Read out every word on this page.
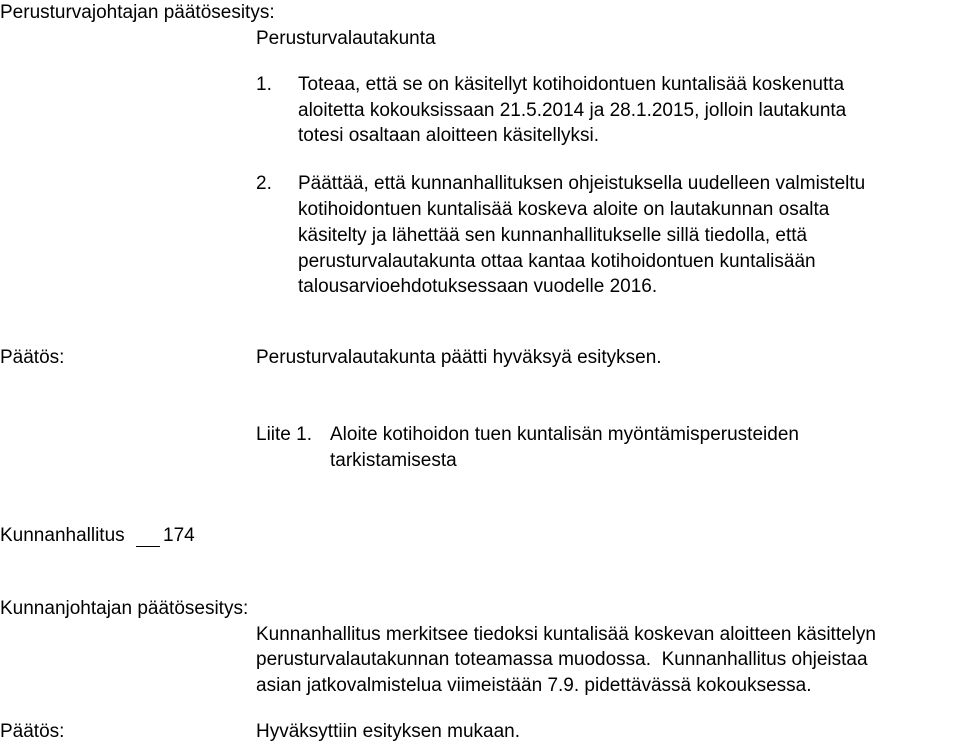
Perusturvajohtajan päätösesitys:
Perusturvalautakunta
1. Toteaa, että se on käsitellyt kotihoidontuen kuntalisää koskenutta
aloitetta kokouksissaan 21.5.2014 ja 28.1.2015, jolloin lautakunta
totesi osaltaan aloitteen käsitellyksi.
2. Päättää, että kunnanhallituksen ohjeistuksella uudelleen valmisteltu
kotihoidontuen kuntalisää koskeva aloite on lautakunnan osalta
käsitelty ja lähettää sen kunnanhallitukselle sillä tiedolla, että
perusturvalautakunta ottaa kantaa kotihoidontuen kuntalisään
talousarvioehdotuksessaan vuodelle 2016.
Päätös:	Perusturvalautakunta päätti hyväksyä esityksen.
Liite 1. Aloite kotihoidon tuen kuntalisän myöntämisperusteiden
tarkistamisesta
Kunnanhallitus 174
Kunnanjohtajan päätösesitys:
Kunnanhallitus merkitsee tiedoksi kuntalisää koskevan aloitteen käsittelyn
perusturvalautakunnan toteamassa muodossa.  Kunnanhallitus ohjeistaa
asian jatkovalmistelua viimeistään 7.9. pidettävässä kokouksessa.
Päätös:	Hyväksyttiin esityksen mukaan.
